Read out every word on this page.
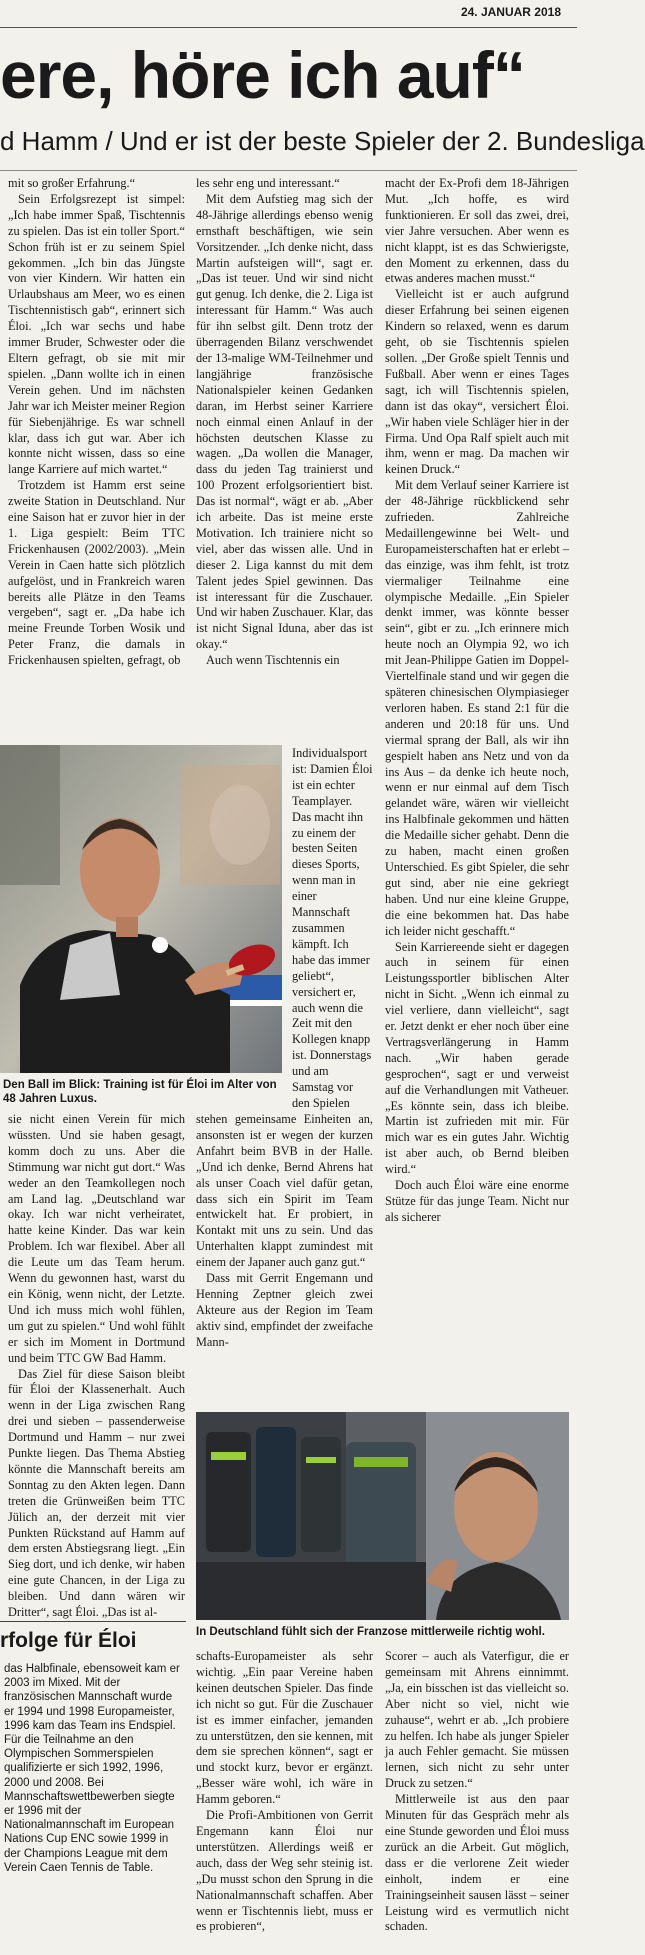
24. JANUAR 2018
ere, höre ich auf“
d Hamm / Und er ist der beste Spieler der 2. Bundesliga

mit so großer Erfahrung.“

Sein Erfolgsrezept ist simpel: „Ich habe immer Spaß, Tischtennis zu spielen. Das ist ein toller Sport.“ Schon früh ist er zu seinem Spiel gekommen. „Ich bin das Jüngste von vier Kindern. Wir hatten ein Urlaubshaus am Meer, wo es einen Tischtennistisch gab“, erinnert sich Éloi. „Ich war sechs und habe immer Bruder, Schwester oder die Eltern gefragt, ob sie mit mir spielen. „Dann wollte ich in einen Verein gehen. Und im nächsten Jahr war ich Meister meiner Region für Siebenjährige. Es war schnell klar, dass ich gut war. Aber ich konnte nicht wissen, dass so eine lange Karriere auf mich wartet.“

Trotzdem ist Hamm erst seine zweite Station in Deutschland. Nur eine Saison hat er zuvor hier in der 1. Liga gespielt: Beim TTC Frickenhausen (2002/2003). „Mein Verein in Caen hatte sich plötzlich aufgelöst, und in Frankreich waren bereits alle Plätze in den Teams vergeben“, sagt er. „Da habe ich meine Freunde Torben Wosik und Peter Franz, die damals in Frickenhausen spielten, gefragt, ob

les sehr eng und interessant.“

Mit dem Aufstieg mag sich der 48-Jährige allerdings ebenso wenig ernsthaft beschäftigen, wie sein Vorsitzender. „Ich denke nicht, dass Martin aufsteigen will“, sagt er. „Das ist teuer. Und wir sind nicht gut genug. Ich denke, die 2. Liga ist interessant für Hamm.“ Was auch für ihn selbst gilt. Denn trotz der überragenden Bilanz verschwendet der 13-malige WM-Teilnehmer und langjährige französische Nationalspieler keinen Gedanken daran, im Herbst seiner Karriere noch einmal einen Anlauf in der höchsten deutschen Klasse zu wagen. „Da wollen die Manager, dass du jeden Tag trainierst und 100 Prozent erfolgsorientiert bist. Das ist normal“, wägt er ab. „Aber ich arbeite. Das ist meine erste Motivation. Ich trainiere nicht so viel, aber das wissen alle. Und in dieser 2. Liga kannst du mit dem Talent jedes Spiel gewinnen. Das ist interessant für die Zuschauer. Und wir haben Zuschauer. Klar, das ist nicht Signal Iduna, aber das ist okay.“

Auch wenn Tischtennis ein

macht der Ex-Profi dem 18-Jährigen Mut. „Ich hoffe, es wird funktionieren. Er soll das zwei, drei, vier Jahre versuchen. Aber wenn es nicht klappt, ist es das Schwierigste, den Moment zu erkennen, dass du etwas anderes machen musst.“

Vielleicht ist er auch aufgrund dieser Erfahrung bei seinen eigenen Kindern so relaxed, wenn es darum geht, ob sie Tischtennis spielen sollen. „Der Große spielt Tennis und Fußball. Aber wenn er eines Tages sagt, ich will Tischtennis spielen, dann ist das okay“, versichert Éloi. „Wir haben viele Schläger hier in der Firma. Und Opa Ralf spielt auch mit ihm, wenn er mag. Da machen wir keinen Druck.“

Mit dem Verlauf seiner Karriere ist der 48-Jährige rückblickend sehr zufrieden. Zahlreiche Medaillengewinne bei Welt- und Europameisterschaften hat er erlebt – das einzige, was ihm fehlt, ist trotz viermaliger Teilnahme eine olympische Medaille. „Ein Spieler denkt immer, was könnte besser sein“, gibt er zu. „Ich erinnere mich heute noch an Olympia 92, wo ich mit Jean-Philippe Gatien im Doppel-Viertelfinale stand und wir gegen die späteren chinesischen Olympiasieger verloren haben. Es stand 2:1 für die anderen und 20:18 für uns. Und viermal sprang der Ball, als wir ihn gespielt haben ans Netz und von da ins Aus – da denke ich heute noch, wenn er nur einmal auf dem Tisch gelandet wäre, wären wir vielleicht ins Halbfinale gekommen und hätten die Medaille sicher gehabt. Denn die zu haben, macht einen großen Unterschied. Es gibt Spieler, die sehr gut sind, aber nie eine gekriegt haben. Und nur eine kleine Gruppe, die eine bekommen hat. Das habe ich leider nicht geschafft.“

Sein Karriereende sieht er dagegen auch in seinem für einen Leistungssportler biblischen Alter nicht in Sicht. „Wenn ich einmal zu viel verliere, dann vielleicht“, sagt er. Jetzt denkt er eher noch über eine Vertragsverlängerung in Hamm nach. „Wir haben gerade gesprochen“, sagt er und verweist auf die Verhandlungen mit Vatheuer. „Es könnte sein, dass ich bleibe. Martin ist zufrieden mit mir. Für mich war es ein gutes Jahr. Wichtig ist aber auch, ob Bernd bleiben wird.“

Doch auch Éloi wäre eine enorme Stütze für das junge Team. Nicht nur als sicherer

Den Ball im Blick: Training ist für Éloi im Alter von 48 Jahren Luxus.

Individualsport ist: Damien Éloi ist ein echter Teamplayer. Das macht ihn zu einem der besten Seiten dieses Sports, wenn man in einer Mannschaft zusammen kämpft. Ich habe das immer geliebt“, versichert er, auch wenn die Zeit mit den Kollegen knapp ist. Donnerstags und am Samstag vor den Spielen

sie nicht einen Verein für mich wüssten. Und sie haben gesagt, komm doch zu uns. Aber die Stimmung war nicht gut dort.“ Was weder an den Teamkollegen noch am Land lag. „Deutschland war okay. Ich war nicht verheiratet, hatte keine Kinder. Das war kein Problem. Ich war flexibel. Aber all die Leute um das Team herum. Wenn du gewonnen hast, warst du ein König, wenn nicht, der Letzte. Und ich muss mich wohl fühlen, um gut zu spielen.“ Und wohl fühlt er sich im Moment in Dortmund und beim TTC GW Bad Hamm.

Das Ziel für diese Saison bleibt für Éloi der Klassenerhalt. Auch wenn in der Liga zwischen Rang drei und sieben – passenderweise Dortmund und Hamm – nur zwei Punkte liegen. Das Thema Abstieg könnte die Mannschaft bereits am Sonntag zu den Akten legen. Dann treten die Grünweißen beim TTC Jülich an, der derzeit mit vier Punkten Rückstand auf Hamm auf dem ersten Abstiegsrang liegt. „Ein Sieg dort, und ich denke, wir haben eine gute Chancen, in der Liga zu bleiben. Und dann wären wir Dritter“, sagt Éloi. „Das ist al-

stehen gemeinsame Einheiten an, ansonsten ist er wegen der kurzen Anfahrt beim BVB in der Halle. „Und ich denke, Bernd Ahrens hat als unser Coach viel dafür getan, dass sich ein Spirit im Team entwickelt hat. Er probiert, in Kontakt mit uns zu sein. Und das Unterhalten klappt zumindest mit einem der Japaner auch ganz gut.“

Dass mit Gerrit Engemann und Henning Zeptner gleich zwei Akteure aus der Region im Team aktiv sind, empfindet der zweifache Mann-

In Deutschland fühlt sich der Franzose mittlerweile richtig wohl.
rfolge für Éloi
das Halbfinale, ebensoweit kam er 2003 im Mixed. Mit der französischen Mannschaft wurde er 1994 und 1998 Europameister, 1996 kam das Team ins Endspiel. Für die Teilnahme an den Olympischen Sommerspielen qualifizierte er sich 1992, 1996, 2000 und 2008. Bei Mannschaftswettbewerben siegte er 1996 mit der Nationalmannschaft im European Nations Cup ENC sowie 1999 in der Champions League mit dem Verein Caen Tennis de Table.

schafts-Europameister als sehr wichtig. „Ein paar Vereine haben keinen deutschen Spieler. Das finde ich nicht so gut. Für die Zuschauer ist es immer einfacher, jemanden zu unterstützen, den sie kennen, mit dem sie sprechen können“, sagt er und stockt kurz, bevor er ergänzt. „Besser wäre wohl, ich wäre in Hamm geboren.“

Die Profi-Ambitionen von Gerrit Engemann kann Éloi nur unterstützen. Allerdings weiß er auch, dass der Weg sehr steinig ist. „Du musst schon den Sprung in die Nationalmannschaft schaffen. Aber wenn er Tischtennis liebt, muss er es probieren“,

Scorer – auch als Vaterfigur, die er gemeinsam mit Ahrens einnimmt. „Ja, ein bisschen ist das vielleicht so. Aber nicht so viel, nicht wie zuhause“, wehrt er ab. „Ich probiere zu helfen. Ich habe als junger Spieler ja auch Fehler gemacht. Sie müssen lernen, sich nicht zu sehr unter Druck zu setzen.“

Mittlerweile ist aus den paar Minuten für das Gespräch mehr als eine Stunde geworden und Éloi muss zurück an die Arbeit. Gut möglich, dass er die verlorene Zeit wieder einholt, indem er eine Trainingseinheit sausen lässt – seiner Leistung wird es vermutlich nicht schaden.
